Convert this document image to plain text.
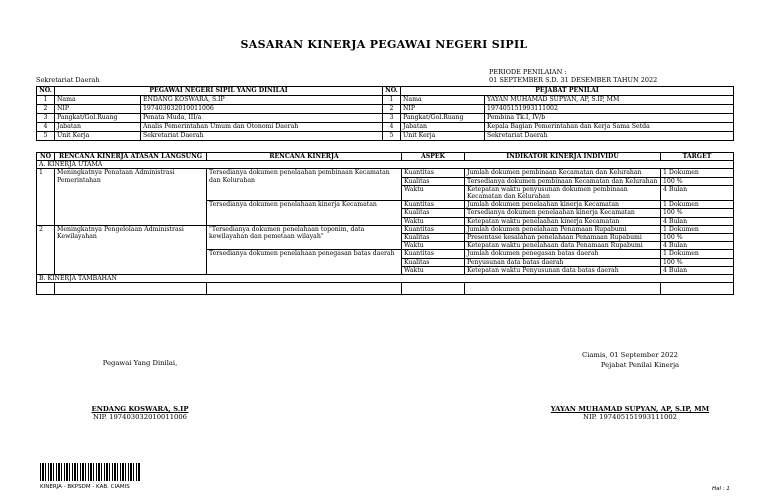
SASARAN KINERJA PEGAWAI NEGERI SIPIL
PERIODE PENILAIAN :
Sekretariat Daerah	01 SEPTEMBER S.D. 31 DESEMBER TAHUN 2022
NO.	PEGAWAI NEGERI SIPIL YANG DINILAI		NO.	PEJABAT PENILAI	
1	Nama	ENDANG KOSWARA, S.IP	1	Nama	YAYAN MUHAMAD SUPYAN, AP, S.IP, MM
2	NIP	197403032010011006	2	NIP	197405151993111002
3	Pangkat/Gol.Ruang	Penata Muda, III/a	3	Pangkat/Gol.Ruang	Pembina Tk.I, IV/b
4	Jabatan	Analis Pemerintahan Umum dan Otonomi Daerah	4	Jabatan	Kepala Bagian Pemerintahan dan Kerja Sama Setda
5	Unit Kerja	Sekretariat Daerah	5	Unit Kerja	Sekretariat Daerah
NO	RENCANA KINERJA ATASAN LANGSUNG	RENCANA KINERJA	ASPEK	INDIKATOR KINERJA INDIVIDU	TARGET
A. KINERJA UTAMA					
1	Meningkatnya Penataan Administrasi Pemerintahan	Tersedianya dokumen penelaahan pembinaan Kecamatan dan Kelurahan	Kuantitas	Jumlah dokumen pembinaan Kecamatan dan Kelurahan	1 Dokumen
			Kualitas	Tersedianya dokumen pembinaan Kecamatan dan Kelurahan	100 %
			Waktu	Ketepatan waktu penyusunan dokumen pembinaan Kecamatan dan Kelurahan	4 Bulan
		Tersedianya dokumen penelahaan kinerja Kecamatan	Kuantitas	Jumlah dokumen penelaahan kinerja Kecamatan	1 Dokumen
			Kualitas	Tersedianya dokumen penelaahan kinerja Kecamatan	100 %
			Waktu	Ketepatan waktu penelaahan kinerja Kecamatan	4 Bulan
2	Meningkatnya Pengelolaan Administrasi Kewilayahan	"Tersedianya dokumen penelahaan toponim, data kewilayahan dan pemetaan wilayah"	Kuantitas	Jumlah dokumen penelahaan Penamaan Rupabumi	1 Dokumen
			Kualitas	Presentase kesalahan penelahaan Penamaan Rupabumi	100 %
			Waktu	Ketepatan waktu penelahaan data Penamaan Rupabumi	4 Bulan
		Tersedianya dokumen penelahaan penegasan batas daerah	Kuantitas	Jumlah dokumen penegasan batas daerah	1 Dokumen
			Kualitas	Penyusunan data batas daerah	100 %
			Waktu	Ketepatan waktu Penyusunan data batas daerah	4 Bulan
B. KINERJA TAMBAHAN					

Ciamis, 01 September 2022
Pejabat Penilai Kinerja
Pegawai Yang Dinilai,
ENDANG KOSWARA, S.IP
NIP. 197403032010011006
YAYAN MUHAMAD SUPYAN, AP, S.IP, MM
NIP. 197405151993111002
KINERJA - BKPSDM - KAB. CIAMIS	Hal : 1
